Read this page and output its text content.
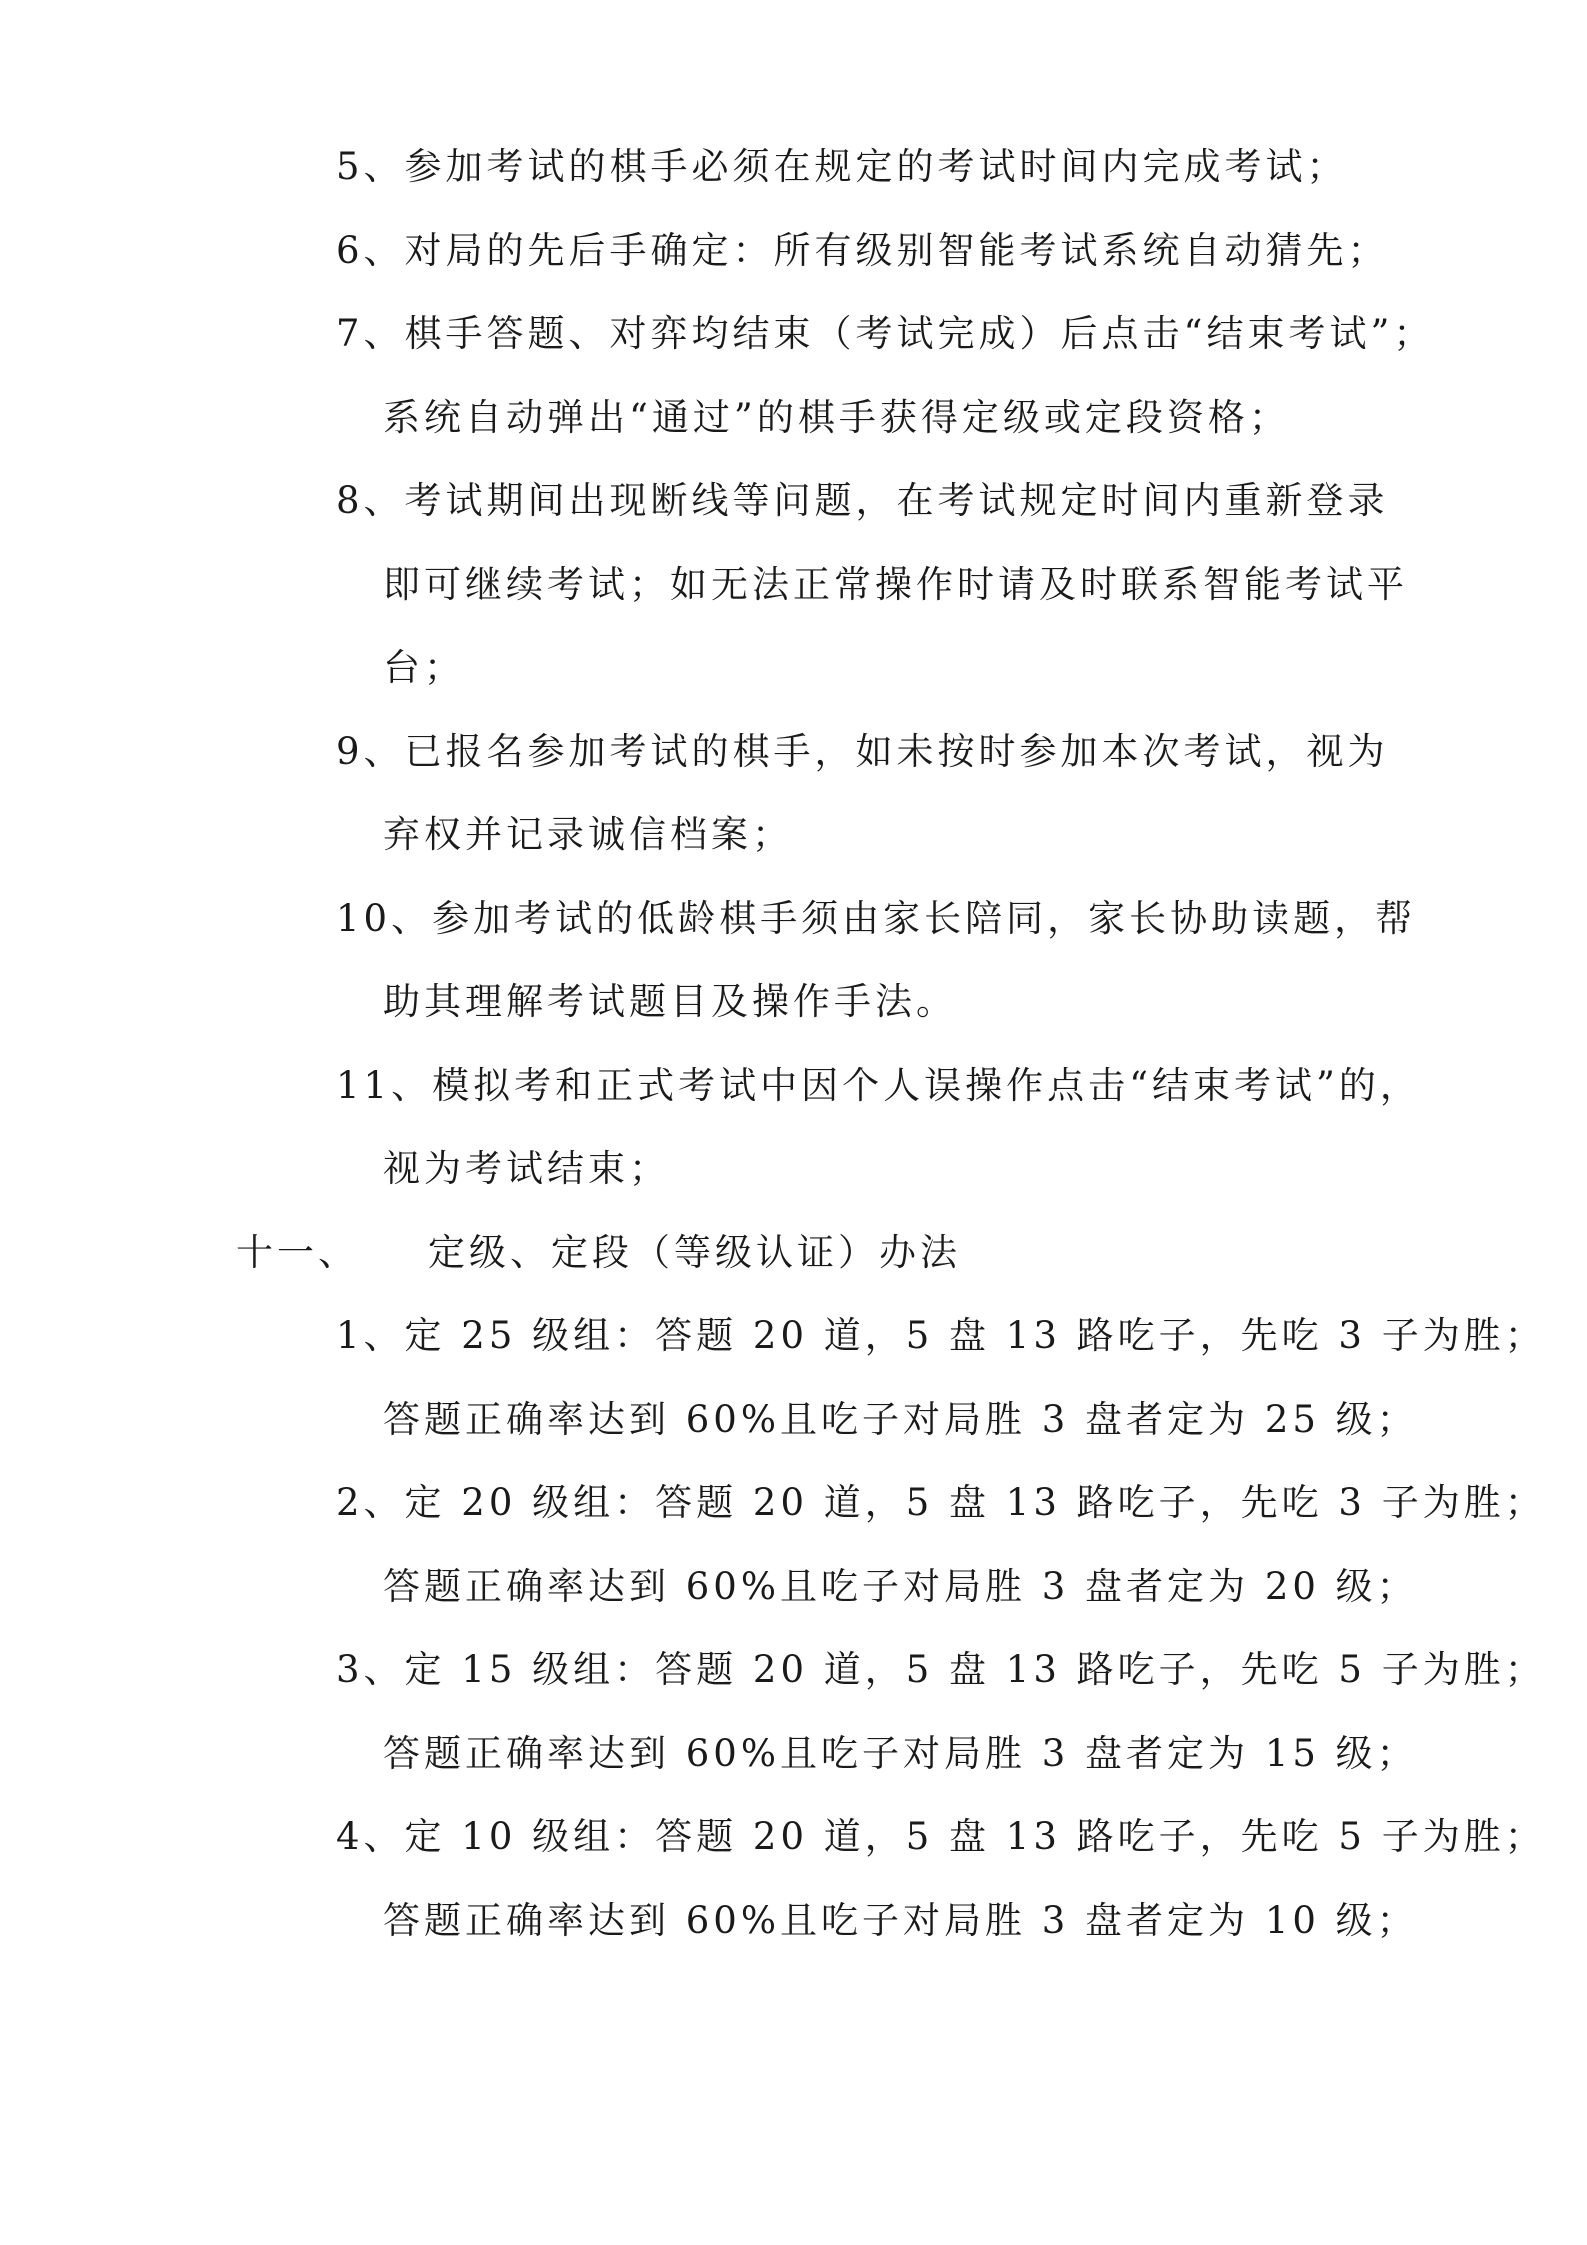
5、参加考试的棋手必须在规定的考试时间内完成考试；
6、对局的先后手确定：所有级别智能考试系统自动猜先；
7、棋手答题、对弈均结束（考试完成）后点击“结束考试”；
系统自动弹出“通过”的棋手获得定级或定段资格；
8、考试期间出现断线等问题，在考试规定时间内重新登录
即可继续考试；如无法正常操作时请及时联系智能考试平
台；
9、已报名参加考试的棋手，如未按时参加本次考试，视为
弃权并记录诚信档案；
10、参加考试的低龄棋手须由家长陪同，家长协助读题，帮
助其理解考试题目及操作手法。
11、模拟考和正式考试中因个人误操作点击“结束考试”的，
视为考试结束；
十一、 定级、定段（等级认证）办法
1、定 25 级组：答题 20 道，5 盘 13 路吃子，先吃 3 子为胜；
答题正确率达到 60%且吃子对局胜 3 盘者定为 25 级；
2、定 20 级组：答题 20 道，5 盘 13 路吃子，先吃 3 子为胜；
答题正确率达到 60%且吃子对局胜 3 盘者定为 20 级；
3、定 15 级组：答题 20 道，5 盘 13 路吃子，先吃 5 子为胜；
答题正确率达到 60%且吃子对局胜 3 盘者定为 15 级；
4、定 10 级组：答题 20 道，5 盘 13 路吃子，先吃 5 子为胜；
答题正确率达到 60%且吃子对局胜 3 盘者定为 10 级；
